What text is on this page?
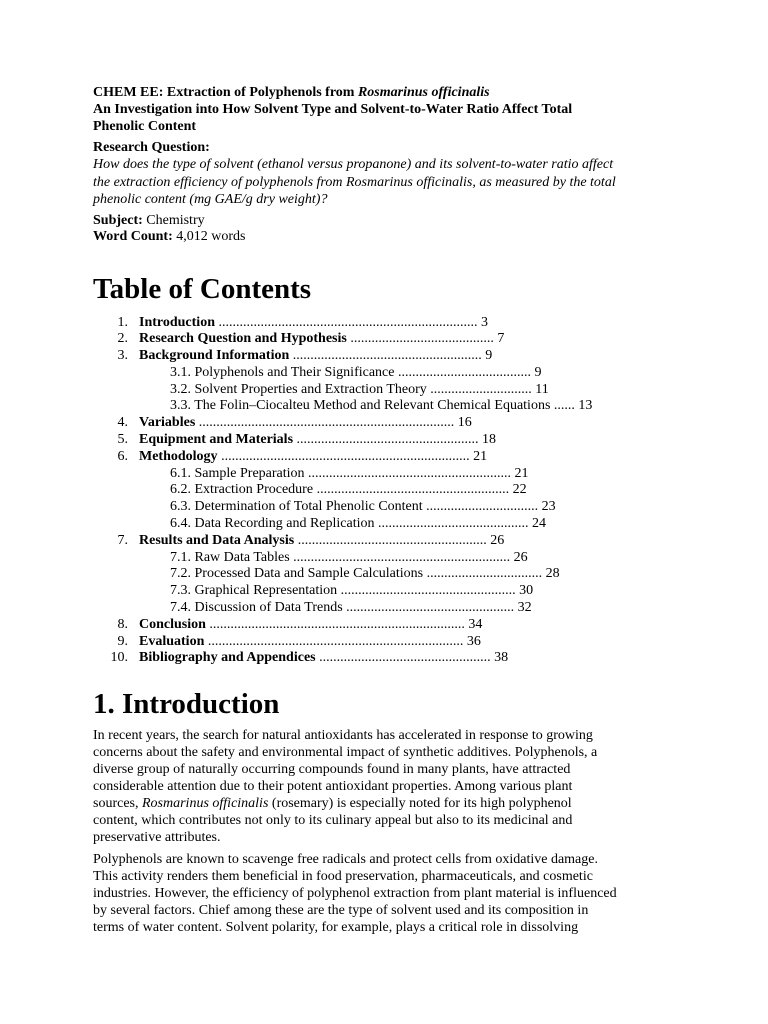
CHEM EE: Extraction of Polyphenols from Rosmarinus officinalis
An Investigation into How Solvent Type and Solvent-to-Water Ratio Affect Total
Phenolic Content
Research Question:
How does the type of solvent (ethanol versus propanone) and its solvent-to-water ratio affect
the extraction efficiency of polyphenols from Rosmarinus officinalis, as measured by the total
phenolic content (mg GAE/g dry weight)?
Subject: Chemistry
Word Count: 4,012 words
Table of Contents
1. Introduction .......................................................................... 3
2. Research Question and Hypothesis ......................................... 7
3. Background Information ...................................................... 9
3.1. Polyphenols and Their Significance ...................................... 9
3.2. Solvent Properties and Extraction Theory ............................. 11
3.3. The Folin–Ciocalteu Method and Relevant Chemical Equations ...... 13
4. Variables ......................................................................... 16
5. Equipment and Materials .................................................... 18
6. Methodology ....................................................................... 21
6.1. Sample Preparation .......................................................... 21
6.2. Extraction Procedure ....................................................... 22
6.3. Determination of Total Phenolic Content ................................ 23
6.4. Data Recording and Replication ........................................... 24
7. Results and Data Analysis ...................................................... 26
7.1. Raw Data Tables .............................................................. 26
7.2. Processed Data and Sample Calculations ................................. 28
7.3. Graphical Representation .................................................. 30
7.4. Discussion of Data Trends ................................................ 32
8. Conclusion ......................................................................... 34
9. Evaluation ......................................................................... 36
10. Bibliography and Appendices ................................................. 38
1. Introduction

In recent years, the search for natural antioxidants has accelerated in response to growing
concerns about the safety and environmental impact of synthetic additives. Polyphenols, a
diverse group of naturally occurring compounds found in many plants, have attracted
considerable attention due to their potent antioxidant properties. Among various plant
sources, Rosmarinus officinalis (rosemary) is especially noted for its high polyphenol
content, which contributes not only to its culinary appeal but also to its medicinal and
preservative attributes.

Polyphenols are known to scavenge free radicals and protect cells from oxidative damage.
This activity renders them beneficial in food preservation, pharmaceuticals, and cosmetic
industries. However, the efficiency of polyphenol extraction from plant material is influenced
by several factors. Chief among these are the type of solvent used and its composition in
terms of water content. Solvent polarity, for example, plays a critical role in dissolving
